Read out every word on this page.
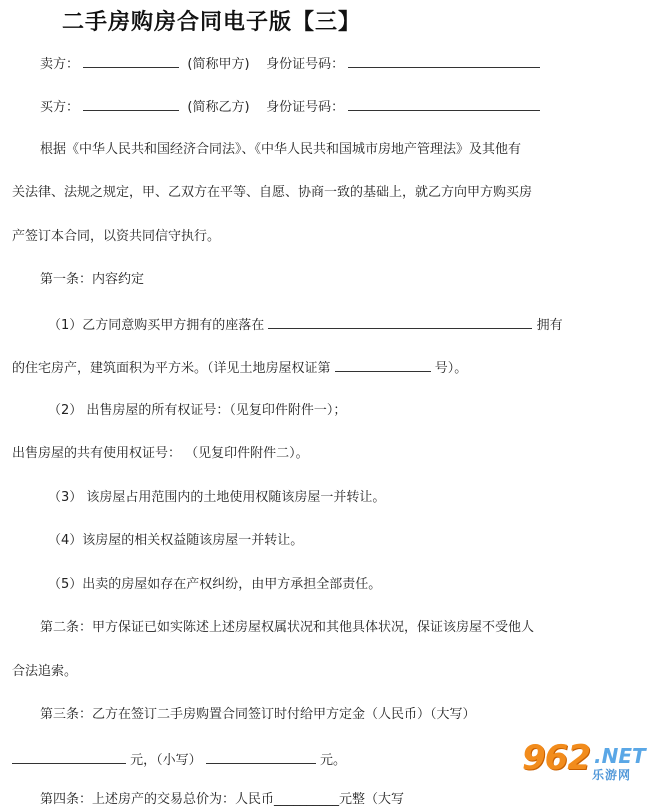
二手房购房合同电子版【三】
卖方：	(简称甲方) 身份证号码：
买方：	(简称乙方) 身份证号码：
根据《中华人民共和国经济合同法》、《中华人民共和国城市房地产管理法》及其他有
关法律、法规之规定，甲、乙双方在平等、自愿、协商一致的基础上，就乙方向甲方购买房
产签订本合同，以资共同信守执行。
第一条：内容约定
（1）乙方同意购买甲方拥有的座落在	拥有
的住宅房产，建筑面积为平方米。（详见土地房屋权证第	号）。
（2） 出售房屋的所有权证号：（见复印件附件一）；
出售房屋的共有使用权证号： （见复印件附件二）。
（3） 该房屋占用范围内的土地使用权随该房屋一并转让。
（4）该房屋的相关权益随该房屋一并转让。
（5）出卖的房屋如存在产权纠纷，由甲方承担全部责任。
第二条：甲方保证已如实陈述上述房屋权属状况和其他具体状况，保证该房屋不受他人
合法追索。
第三条：乙方在签订二手房购置合同签订时付给甲方定金（人民币）（大写）
元，（小写）	元。
第四条：上述房产的交易总价为：人民币__________元整（大写
962 .NET
乐游网
